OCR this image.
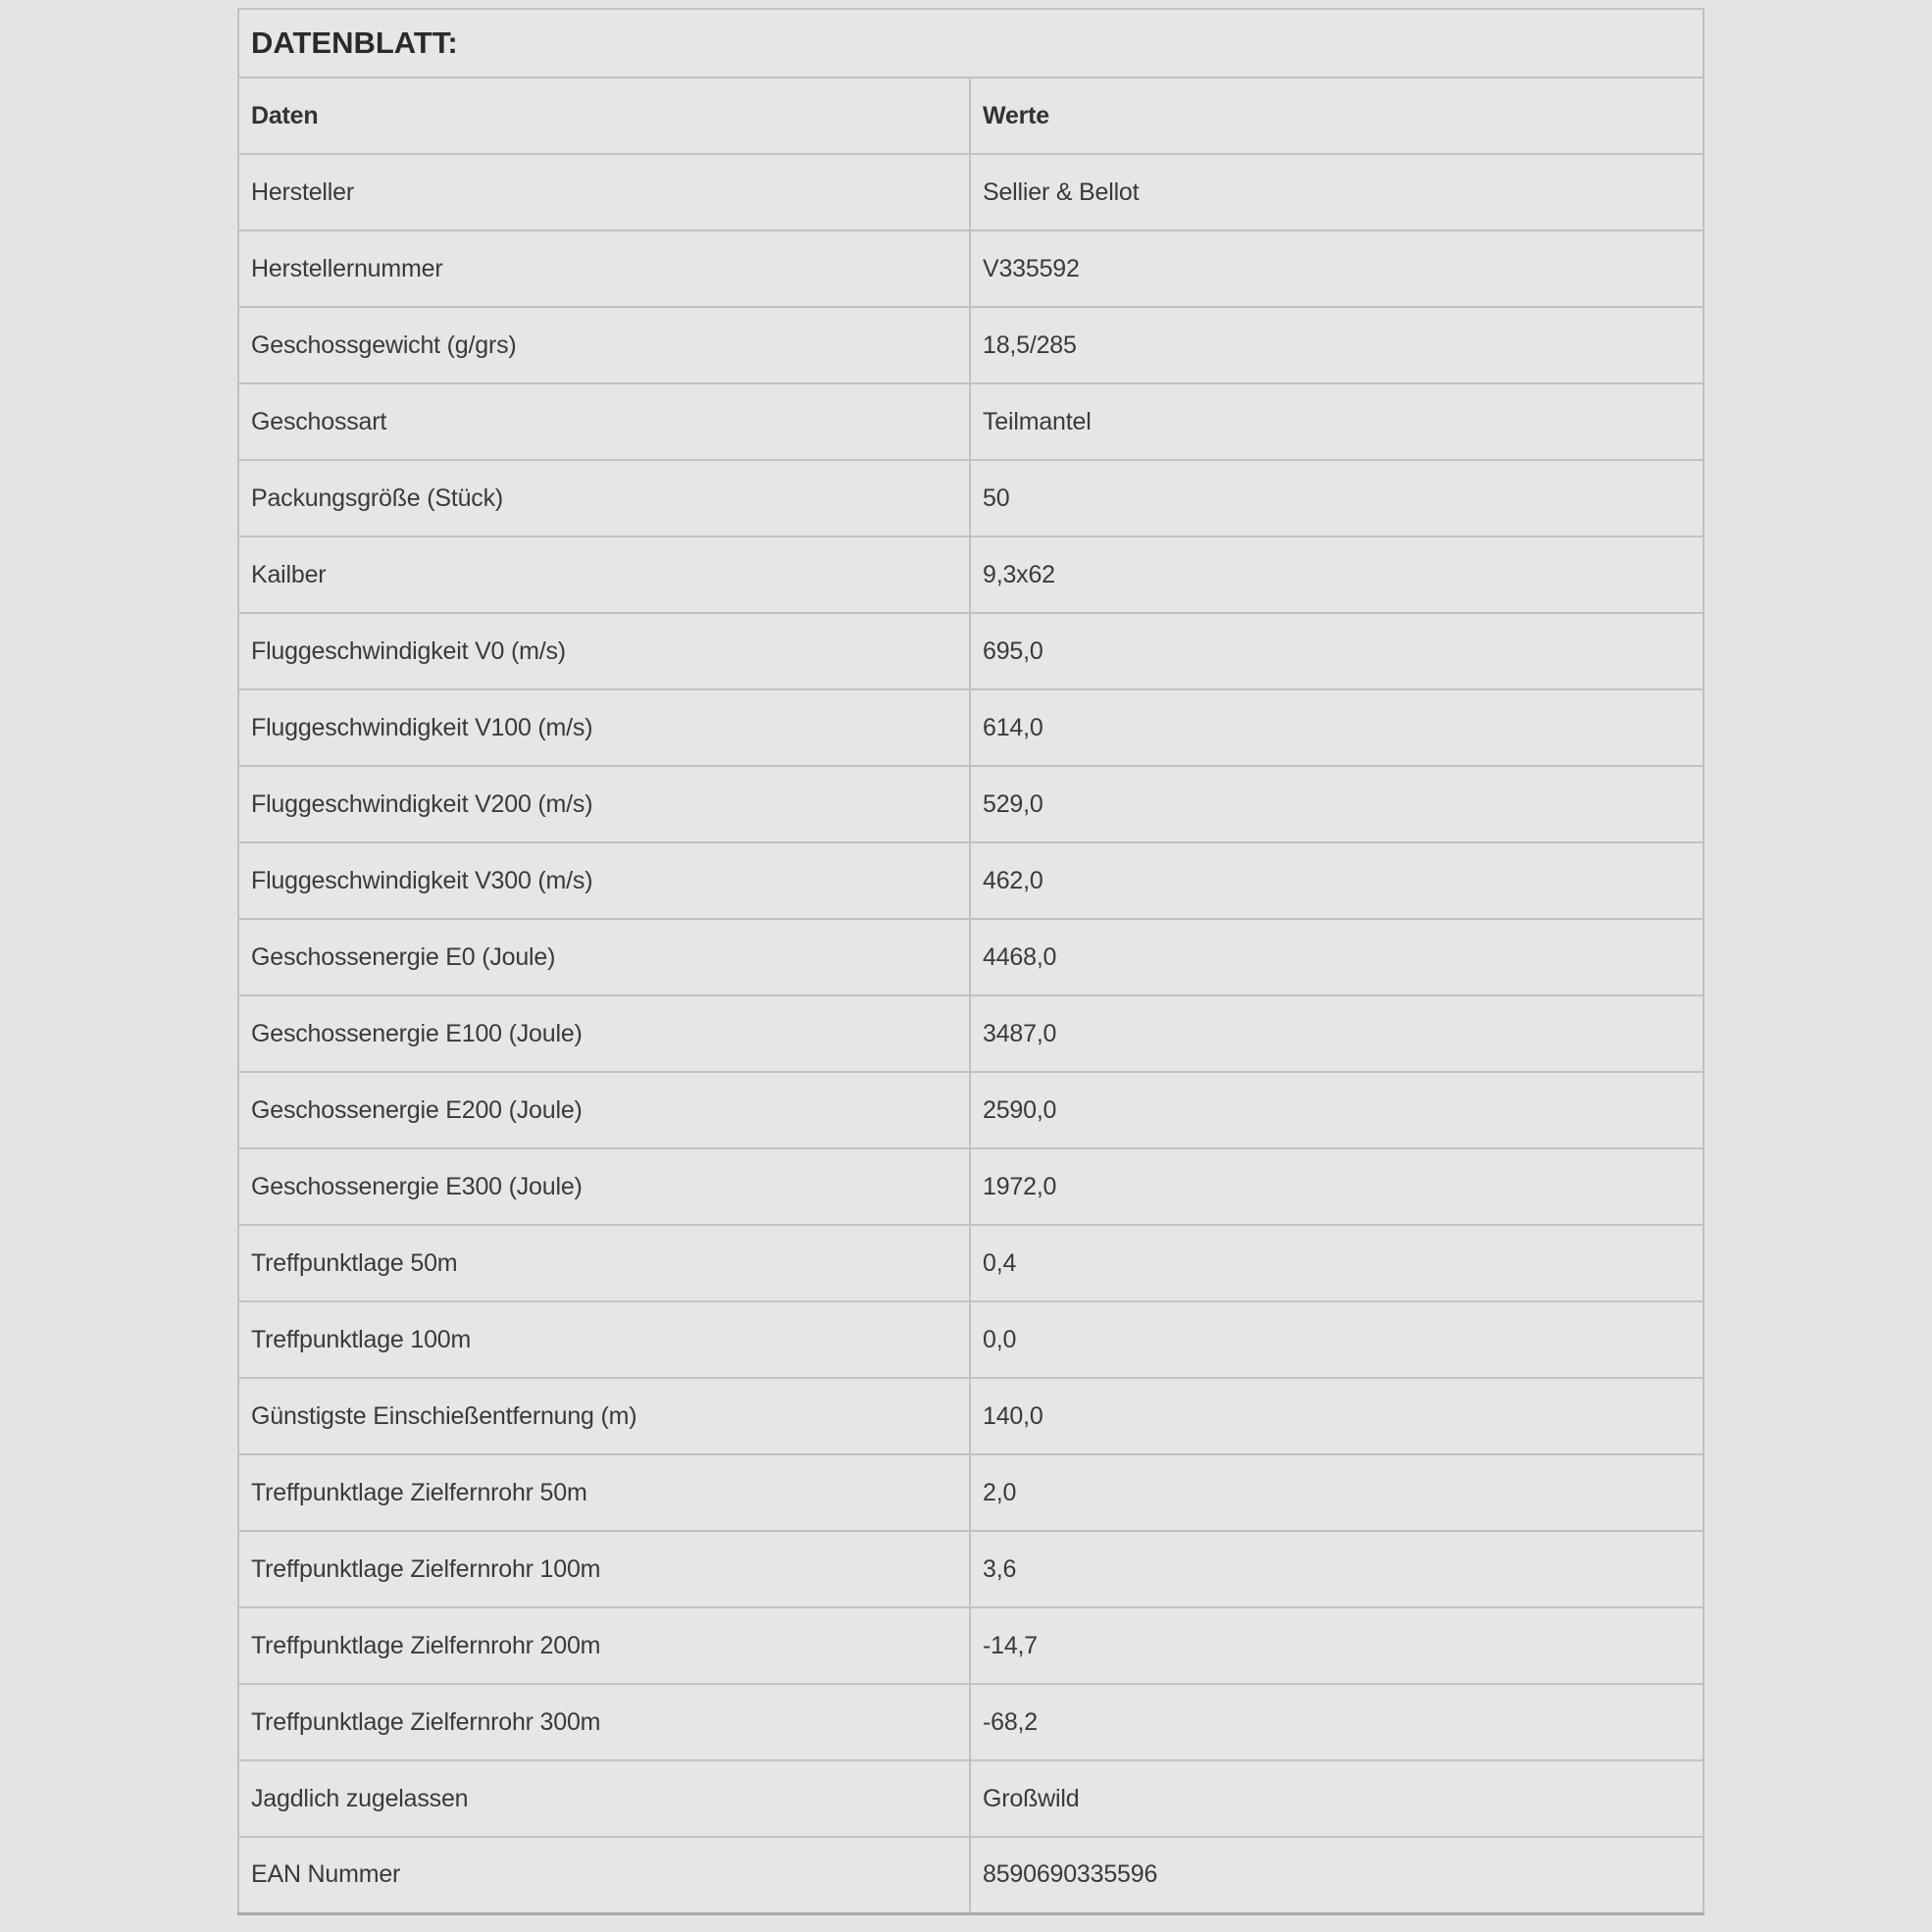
DATENBLATT:	
Daten	Werte
Hersteller	Sellier & Bellot
Herstellernummer	V335592
Geschossgewicht (g/grs)	18,5/285
Geschossart	Teilmantel
Packungsgröße (Stück)	50
Kailber	9,3x62
Fluggeschwindigkeit V0 (m/s)	695,0
Fluggeschwindigkeit V100 (m/s)	614,0
Fluggeschwindigkeit V200 (m/s)	529,0
Fluggeschwindigkeit V300 (m/s)	462,0
Geschossenergie E0 (Joule)	4468,0
Geschossenergie E100 (Joule)	3487,0
Geschossenergie E200 (Joule)	2590,0
Geschossenergie E300 (Joule)	1972,0
Treffpunktlage 50m	0,4
Treffpunktlage 100m	0,0
Günstigste Einschießentfernung (m)	140,0
Treffpunktlage Zielfernrohr 50m	2,0
Treffpunktlage Zielfernrohr 100m	3,6
Treffpunktlage Zielfernrohr 200m	-14,7
Treffpunktlage Zielfernrohr 300m	-68,2
Jagdlich zugelassen	Großwild
EAN Nummer	8590690335596
